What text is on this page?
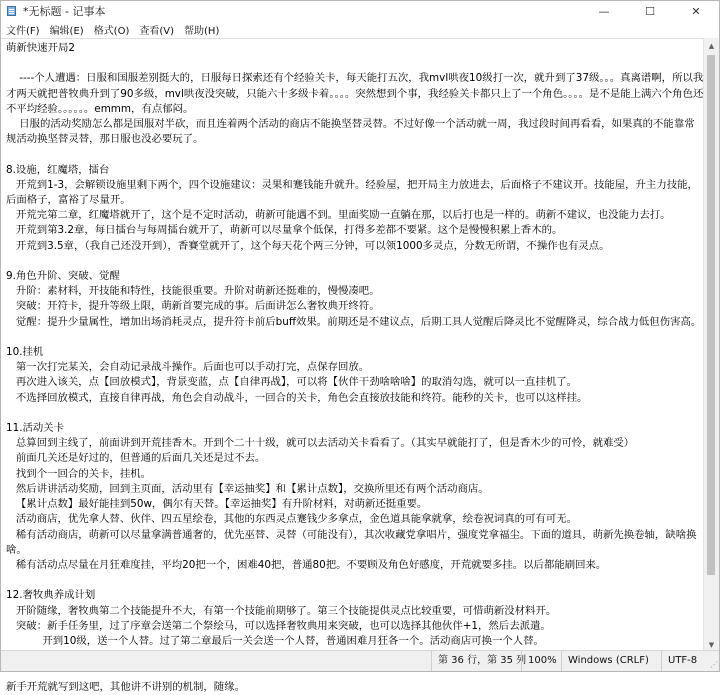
*无标题 - 记事本	—	☐	✕
文件(F)	编辑(E)	格式(O)	查看(V)	帮助(H)
萌新快速开局2

----个人遭遇：日服和国服差别挺大的，日服每日探索还有个经验关卡，每天能打五次，我mvl哄夜10级打一次，就升到了37级。。。真离谱啊，所以我才两天就把普牧典升到了90多级，mvl哄夜没突破，只能六十多级卡着。。。。突然想到个事，我经验关卡都只上了一个角色。。。。是不是能上满六个角色还不平均经验。。。。。。emmm，有点郁闷。
日服的活动奖励怎么都是国服对半砍，而且连着两个活动的商店不能换坚替灵替。不过好像一个活动就一周，我过段时间再看看，如果真的不能靠常规活动换坚替灵替，那日服也没必要玩了。

8.设施，红魔塔，擂台
开荒到1-3，会解锁设施里剩下两个，四个设施建议：灵果和蹇钱能升就升。经验屋，把开局主力放进去，后面格子不建议开。技能屋，升主力技能，后面格子，富裕了尽量开。
开荒完第二章，红魔塔就开了，这个是不定时活动，萌新可能遇不到。里面奖励一直躺在那，以后打也是一样的。萌新不建议，也没能力去打。
开荒到第3.2章，每日擂台与每周擂台就开了，萌新可以尽量拿个低保，打得多差都不要紧。这个是慢慢积累上香木的。
开荒到3.5章，（我自己还没开到），香賽堂就开了，这个每天花个两三分钟，可以领1000多灵点，分数无所谓，不操作也有灵点。

9.角色升阶、突破、觉醒
升阶：素材料，开技能和特性，技能很重要。升阶对萌新还挺难的，慢慢凑吧。
突破：开符卡，提升等级上限，萌新首要完成的事。后面讲怎么奢牧典开终符。
觉醒：提升少量属性，增加出场消耗灵点，提升符卡前后buff效果。前期还是不建议点，后期工具人觉醒后降灵比不觉醒降灵，综合战力低但伤害高。

10.挂机
第一次打完某关，会自动记录战斗操作。后面也可以手动打完，点保存回放。
再次进入该关，点【回放模式】，背景变蓝，点【自律再战】，可以将【伙伴干劲啥啥啥】的取消勾选，就可以一直挂机了。
不选择回放模式，直接自律再战，角色会自动战斗，一回合的关卡，角色会直接放技能和终符。能秒的关卡，也可以这样挂。

11.活动关卡
总算回到主线了，前面讲到开荒挂香木。开到个二十十级，就可以去活动关卡看看了。（其实早就能打了，但是香木少的可怜，就难受）
前面几关还是好过的，但普通的后面几关还是过不去。
找到个一回合的关卡，挂机。
然后讲讲活动奖励，回到主页面，活动里有【幸运抽奖】和【累计点数】，交换所里还有两个活动商店。
【累计点数】最好能挂到50w，偶尔有天替。【幸运抽奖】有升阶材料，对萌新还挺重要。
活动商店，优先拿人替、伙伴、四五星绘卷，其他的东西灵点蹇钱少多拿点，金色道具能拿就拿，绘卷祝词真的可有可无。
稀有活动商店，萌新可以尽量拿满普通奢的，优先巫替、灵替（可能没有），其次收藏党拿唱片，强度党拿福尘。下面的道具，萌新先换卷轴，缺啥换啥。
稀有活动点尽量在月狂难度挂，平均20把一个，困难40把，普通80把。不要顾及角色好感度，开荒就要多挂。以后都能刷回来。

12.奢牧典养成计划
开阶随缘，奢牧典第二个技能提升不大，有第一个技能前期够了。第三个技能提供灵点比较重要，可惜萌新没材料开。
突破：新手任务里，过了序章会送第二个祭绘马，可以选择奢牧典用来突破，也可以选择其他伙伴+1，然后去派遣。
开到10级，送一个人替。过了第二章最后一关会送一个人替，普通困难月狂各一个。活动商店可换一个人替。

新手开荒就写到这吧，其他讲不讲别的机制，随缘。
▲
▼
第 36 行，第 35 列 100%	Windows (CRLF)	UTF-8	⋰
